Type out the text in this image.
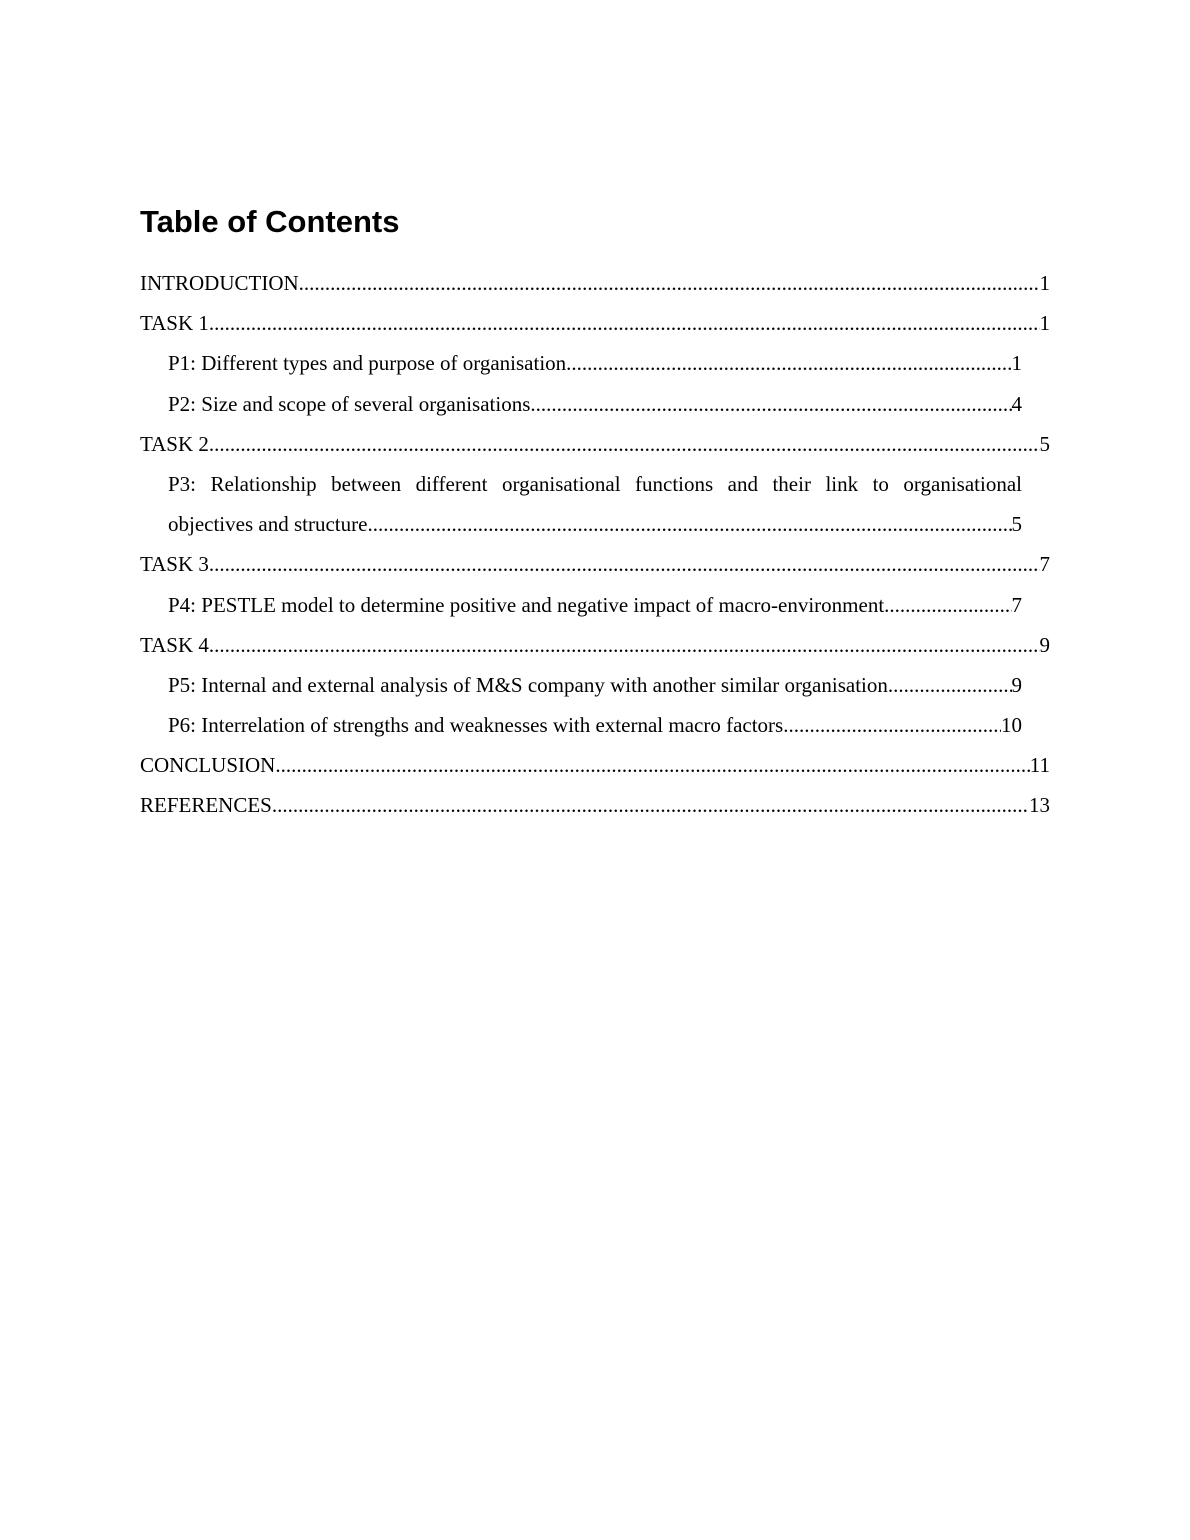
Table of Contents
INTRODUCTION .....	1
TASK 1 .....	1
P1: Different types and purpose of organisation .....	1
P2: Size and scope of several organisations .....	4
TASK 2 .....	5
P3: Relationship between different organisational functions and their link to organisational
objectives and structure .....	5
TASK 3 .....	7
P4: PESTLE model to determine positive and negative impact of macro-environment .....	7
TASK 4 .....	9
P5: Internal and external analysis of M&S company with another similar organisation .....	9
P6: Interrelation of strengths and weaknesses with external macro factors .....	10
CONCLUSION .....	11
REFERENCES .....	13
